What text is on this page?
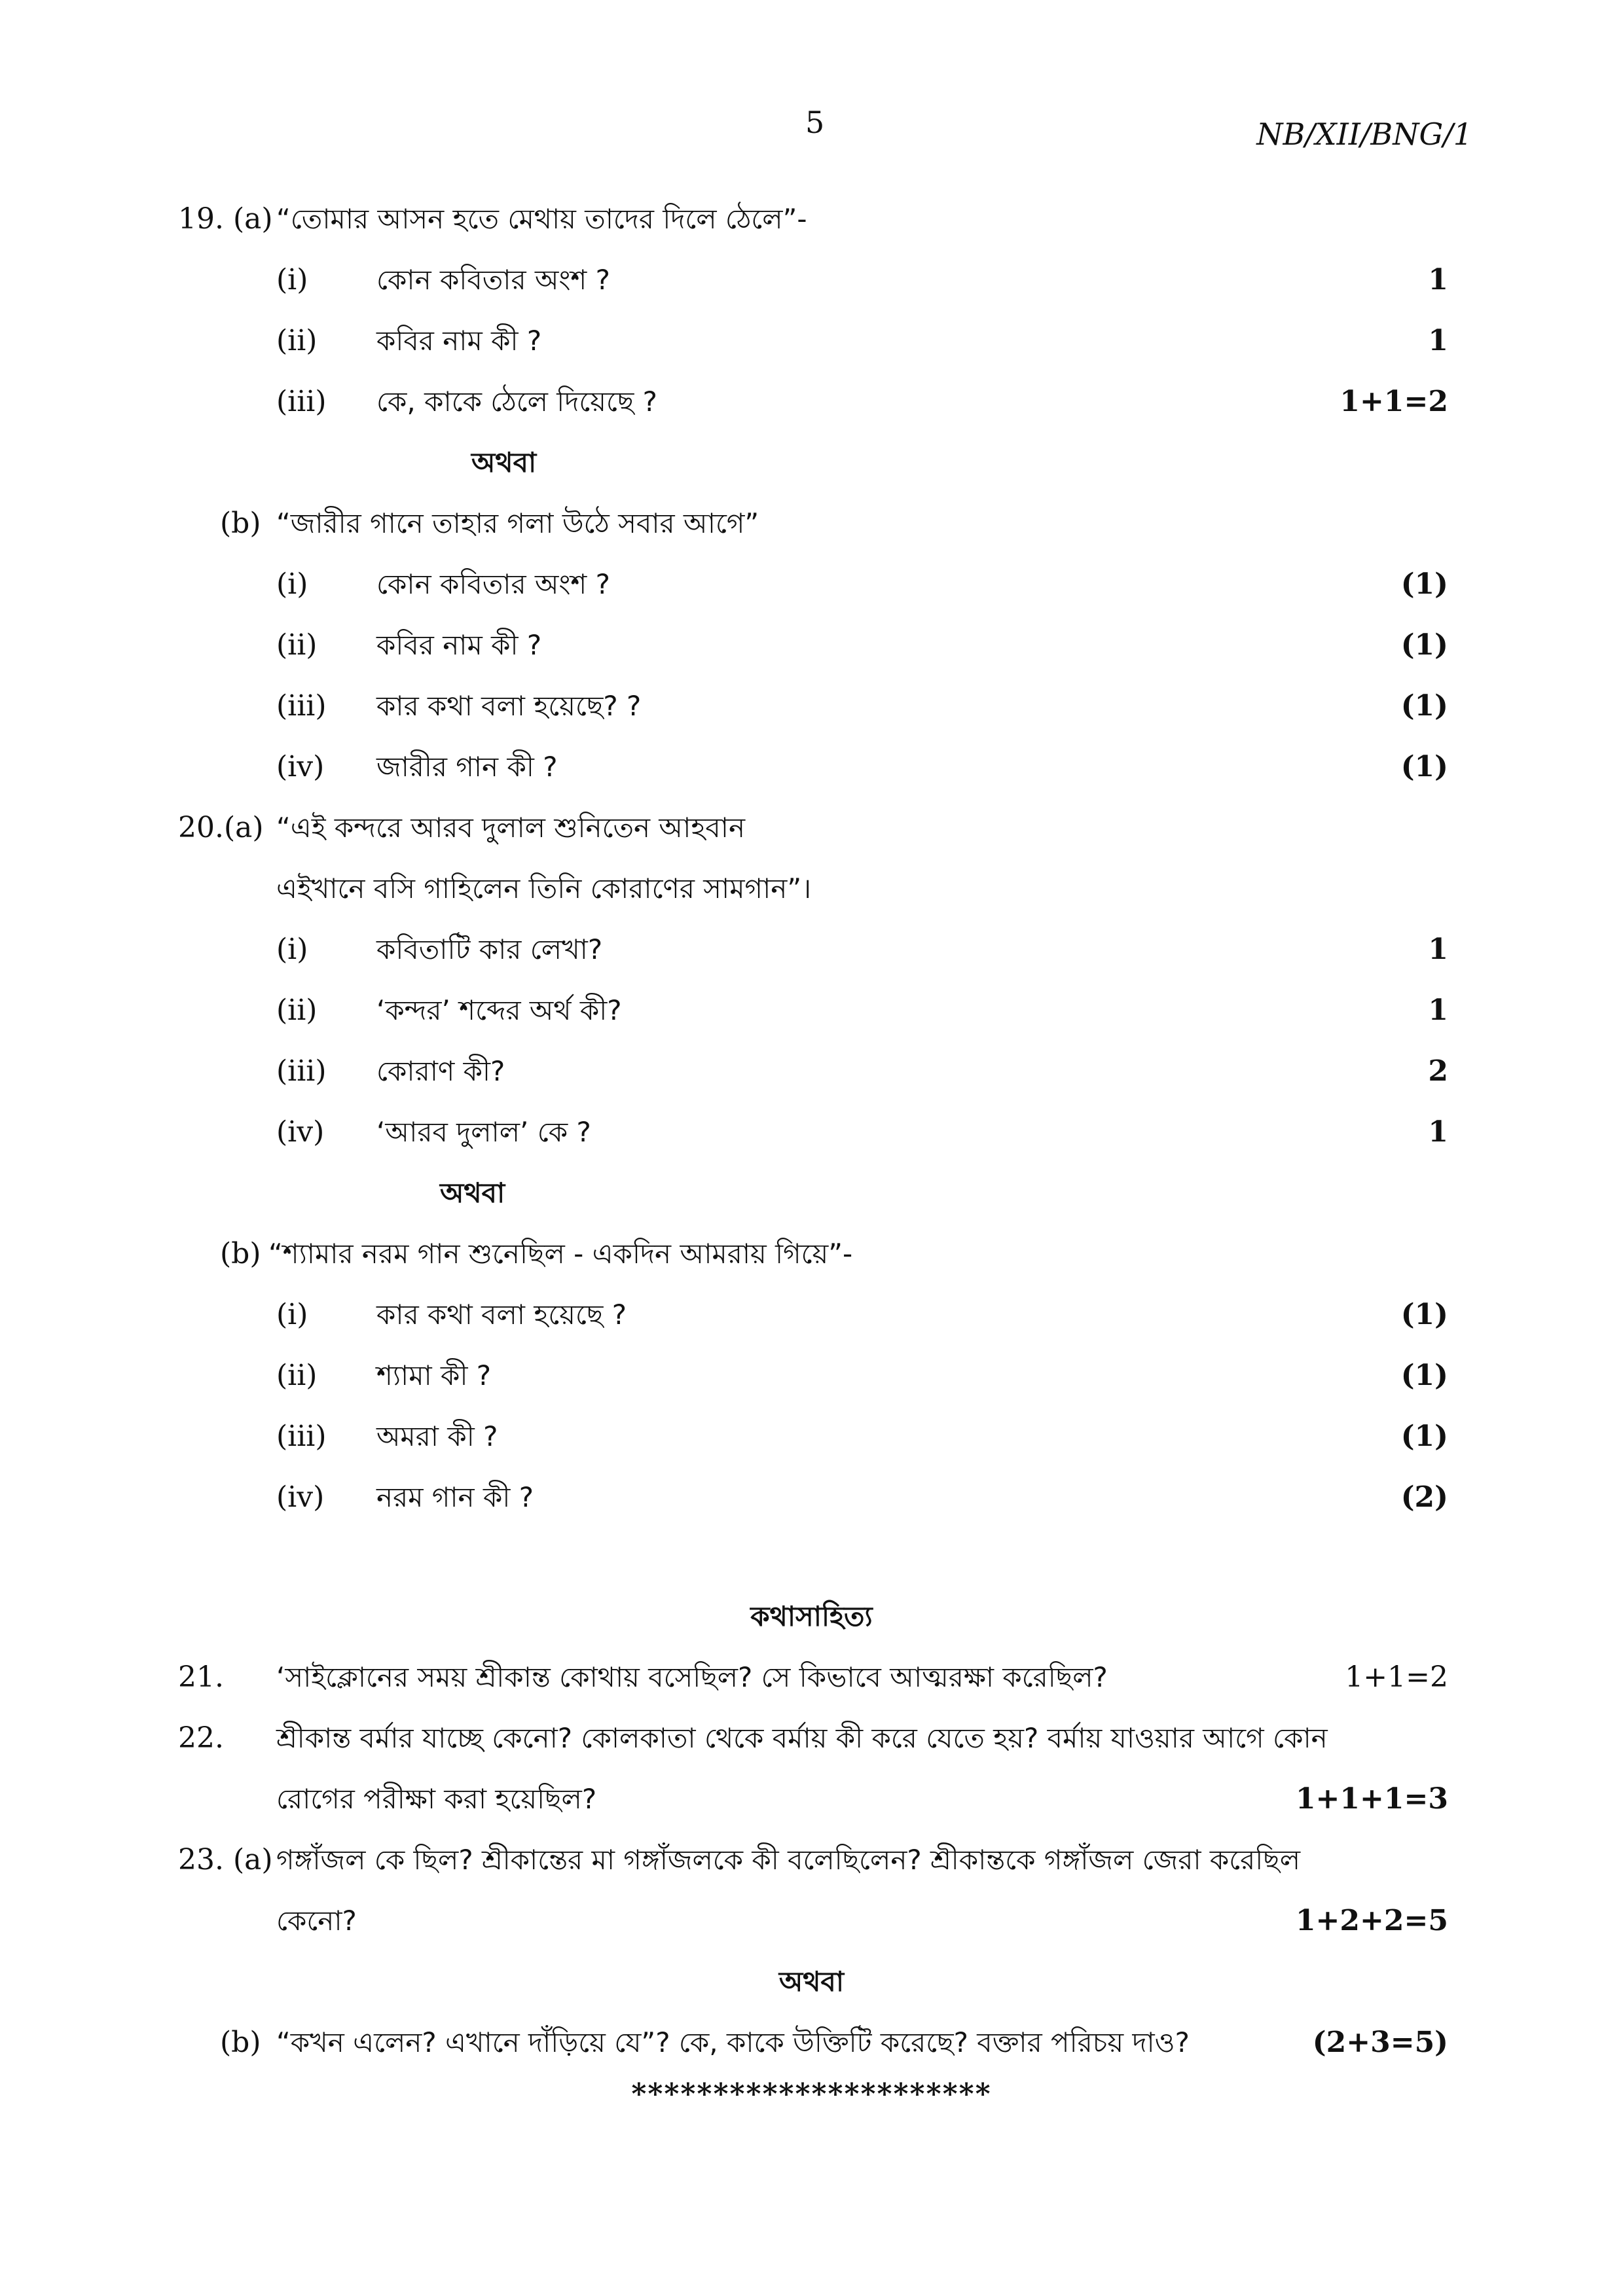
5	NB/XII/BNG/1
19. (a) “তোমার আসন হতে মেথায় তাদের দিলে ঠেলে”-
(i) কোন কবিতার অংশ ?	1
(ii) কবির নাম কী ?	1
(iii) কে, কাকে ঠেলে দিয়েছে ?	1+1=2
অথবা
(b) “জারীর গানে তাহার গলা উঠে সবার আগে”
(i) কোন কবিতার অংশ ?	(1)
(ii) কবির নাম কী ?	(1)
(iii) কার কথা বলা হয়েছে? ?	(1)
(iv) জারীর গান কী ?	(1)
20.(a) “এই কন্দরে আরব দুলাল শুনিতেন আহবান
এইখানে বসি গাহিলেন তিনি কোরাণের সামগান”।
(i) কবিতাটি কার লেখা?	1
(ii) ‘কন্দর’ শব্দের অর্থ কী?	1
(iii) কোরাণ কী?	2
(iv) ‘আরব দুলাল’ কে ?	1
অথবা
(b) “শ্যামার নরম গান শুনেছিল - একদিন আমরায় গিয়ে”-
(i) কার কথা বলা হয়েছে ?	(1)
(ii) শ্যামা কী ?	(1)
(iii) অমরা কী ?	(1)
(iv) নরম গান কী ?	(2)
কথাসাহিত্য
21. ‘সাইক্লোনের সময় শ্রীকান্ত কোথায় বসেছিল? সে কিভাবে আত্মরক্ষা করেছিল?	1+1=2
22. শ্রীকান্ত বর্মার যাচ্ছে কেনো? কোলকাতা থেকে বর্মায় কী করে যেতে হয়? বর্মায় যাওয়ার আগে কোন
রোগের পরীক্ষা করা হয়েছিল?	1+1+1=3
23. (a) গঙ্গাঁজল কে ছিল? শ্রীকান্তের মা গঙ্গাঁজলকে কী বলেছিলেন? শ্রীকান্তকে গঙ্গাঁজল জেরা করেছিল
কেনো?	1+2+2=5
অথবা
(b) “কখন এলেন? এখানে দাঁড়িয়ে যে”? কে, কাকে উক্তিটি করেছে? বক্তার পরিচয় দাও?	(2+3=5)
**********************
